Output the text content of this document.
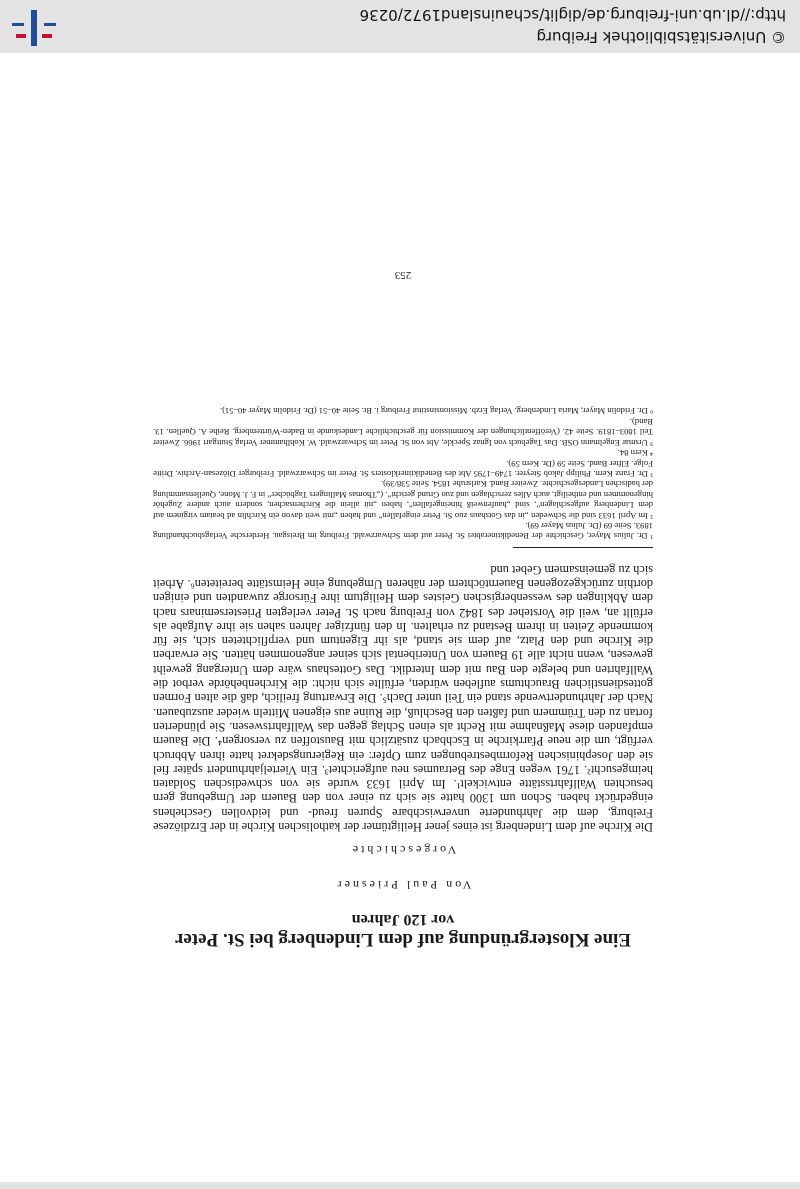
Eine Klostergründung auf dem Lindenberg bei St. Peter
vor 120 Jahren

Von Paul Priesner

Vorgeschichte

Die Kirche auf dem Lindenberg ist eines jener Heiligtümer der katholischen Kirche in der Erzdiözese Freiburg, dem die Jahrhunderte unverwischbare Spuren freud- und leidvollen Geschehens eingedrückt haben. Schon um 1300 hatte sie sich zu einer von den Bauern der Umgebung gern besuchten Wallfahrtsstätte entwickelt¹. Im April 1633 wurde sie von schwedischen Soldaten heimgesucht². 1761 wegen Enge des Betraumes neu aufgerichtet³. Ein Vierteljahrhundert später fiel sie den Josephinischen Reformbestrebungen zum Opfer: ein Regierungsdekret hatte ihren Abbruch verfügt, um die neue Pfarrkirche in Eschbach zusätzlich mit Baustoffen zu versorgen⁴. Die Bauern empfanden diese Maßnahme mit Recht als einen Schlag gegen das Wallfahrtswesen. Sie plünderten fortan zu den Trümmern und faßten den Beschluß, die Ruine aus eigenen Mitteln wieder auszubauen. Nach der Jahrhundertwende stand ein Teil unter Dach⁵. Die Erwartung freilich, daß die alten Formen gottesdienstlichen Brauchtums aufleben würden, erfüllte sich nicht: die Kirchenbehörde verbot die Wallfahrten und belegte den Bau mit dem Interdikt. Das Gotteshaus wäre dem Untergang geweiht gewesen, wenn nicht alle 19 Bauern von Unteribental sich seiner angenommen hätten. Sie erwarben die Kirche und den Platz, auf dem sie stand, als ihr Eigentum und verpflichteten sich, sie für kommende Zeiten in ihrem Bestand zu erhalten. In den fünfziger Jahren sahen sie ihre Aufgabe als erfüllt an, weil die Vorsteher des 1842 von Freiburg nach St. Peter verlegten Priesterseminars nach dem Abklingen des wessenbergischen Geistes dem Heiligtum ihre Fürsorge zuwandten und einigen dorthin zurückgezogenen Bauerntöchtern der näheren Umgebung eine Heimstätte bereiteten⁶. Arbeit sich zu gemeinsamem Gebet und

¹ Dr. Julius Mayer, Geschichte der Benediktinerabtei St. Peter auf dem Schwarzwald. Freiburg im Breisgau. Herdersche Verlagsbuchhandlung 1893. Seite 69 (Dr. Julius Mayer 69).

² Im April 1633 sind die Schweden „in das Gotshaus zuo St. Peter eingefallen“ und haben „mit weit davon ein Kirchlin ad beatam virginem auf dem Lindenberg aufgeschlagen“, sind „haufenweiß hineingefallen“, haben „nit allein die Kirchensachen, sondern auch andere Zugehör hingenommen und entheiligt, auch Alles zerschlagen und zuo Grund gericht“. („Thomas Mallingers Tagbücher“ in F. J. Mone, Quellensammlung der badischen Landesgeschichte. Zweiter Band. Karlsruhe 1854. Seite 538/39).

³ Dr. Franz Kern. Philipp Jakob Steyrer. 1749–1795 Abt des Benediktinerklosters St. Peter im Schwarzwald. Freiburger Diözesan-Archiv. Dritte Folge. Elfter Band. Seite 59 (Dr. Kern 59).

⁴ Kern 84.

⁵ Ursmar Engelmann OSB. Das Tagebuch von Ignaz Speckle, Abt von St. Peter im Schwarzwald. W. Kohlhammer Verlag Stuttgart 1966. Zweiter Teil 1803–1819. Seite 42. (Veröffentlichungen der Kommission für geschichtliche Landeskunde in Baden-Württemberg. Reihe A. Quellen. 13. Band).

⁶ Dr. Fridolin Mayer, Maria Lindenberg. Verlag Erzb. Missionsinstitut Freiburg i. Br. Seite 40–51 (Dr. Fridolin Mayer 40–51).

253
© Universitätsbibliothek Freiburg
http://dl.ub.uni-freiburg.de/diglit/schauinsland1972/0236
